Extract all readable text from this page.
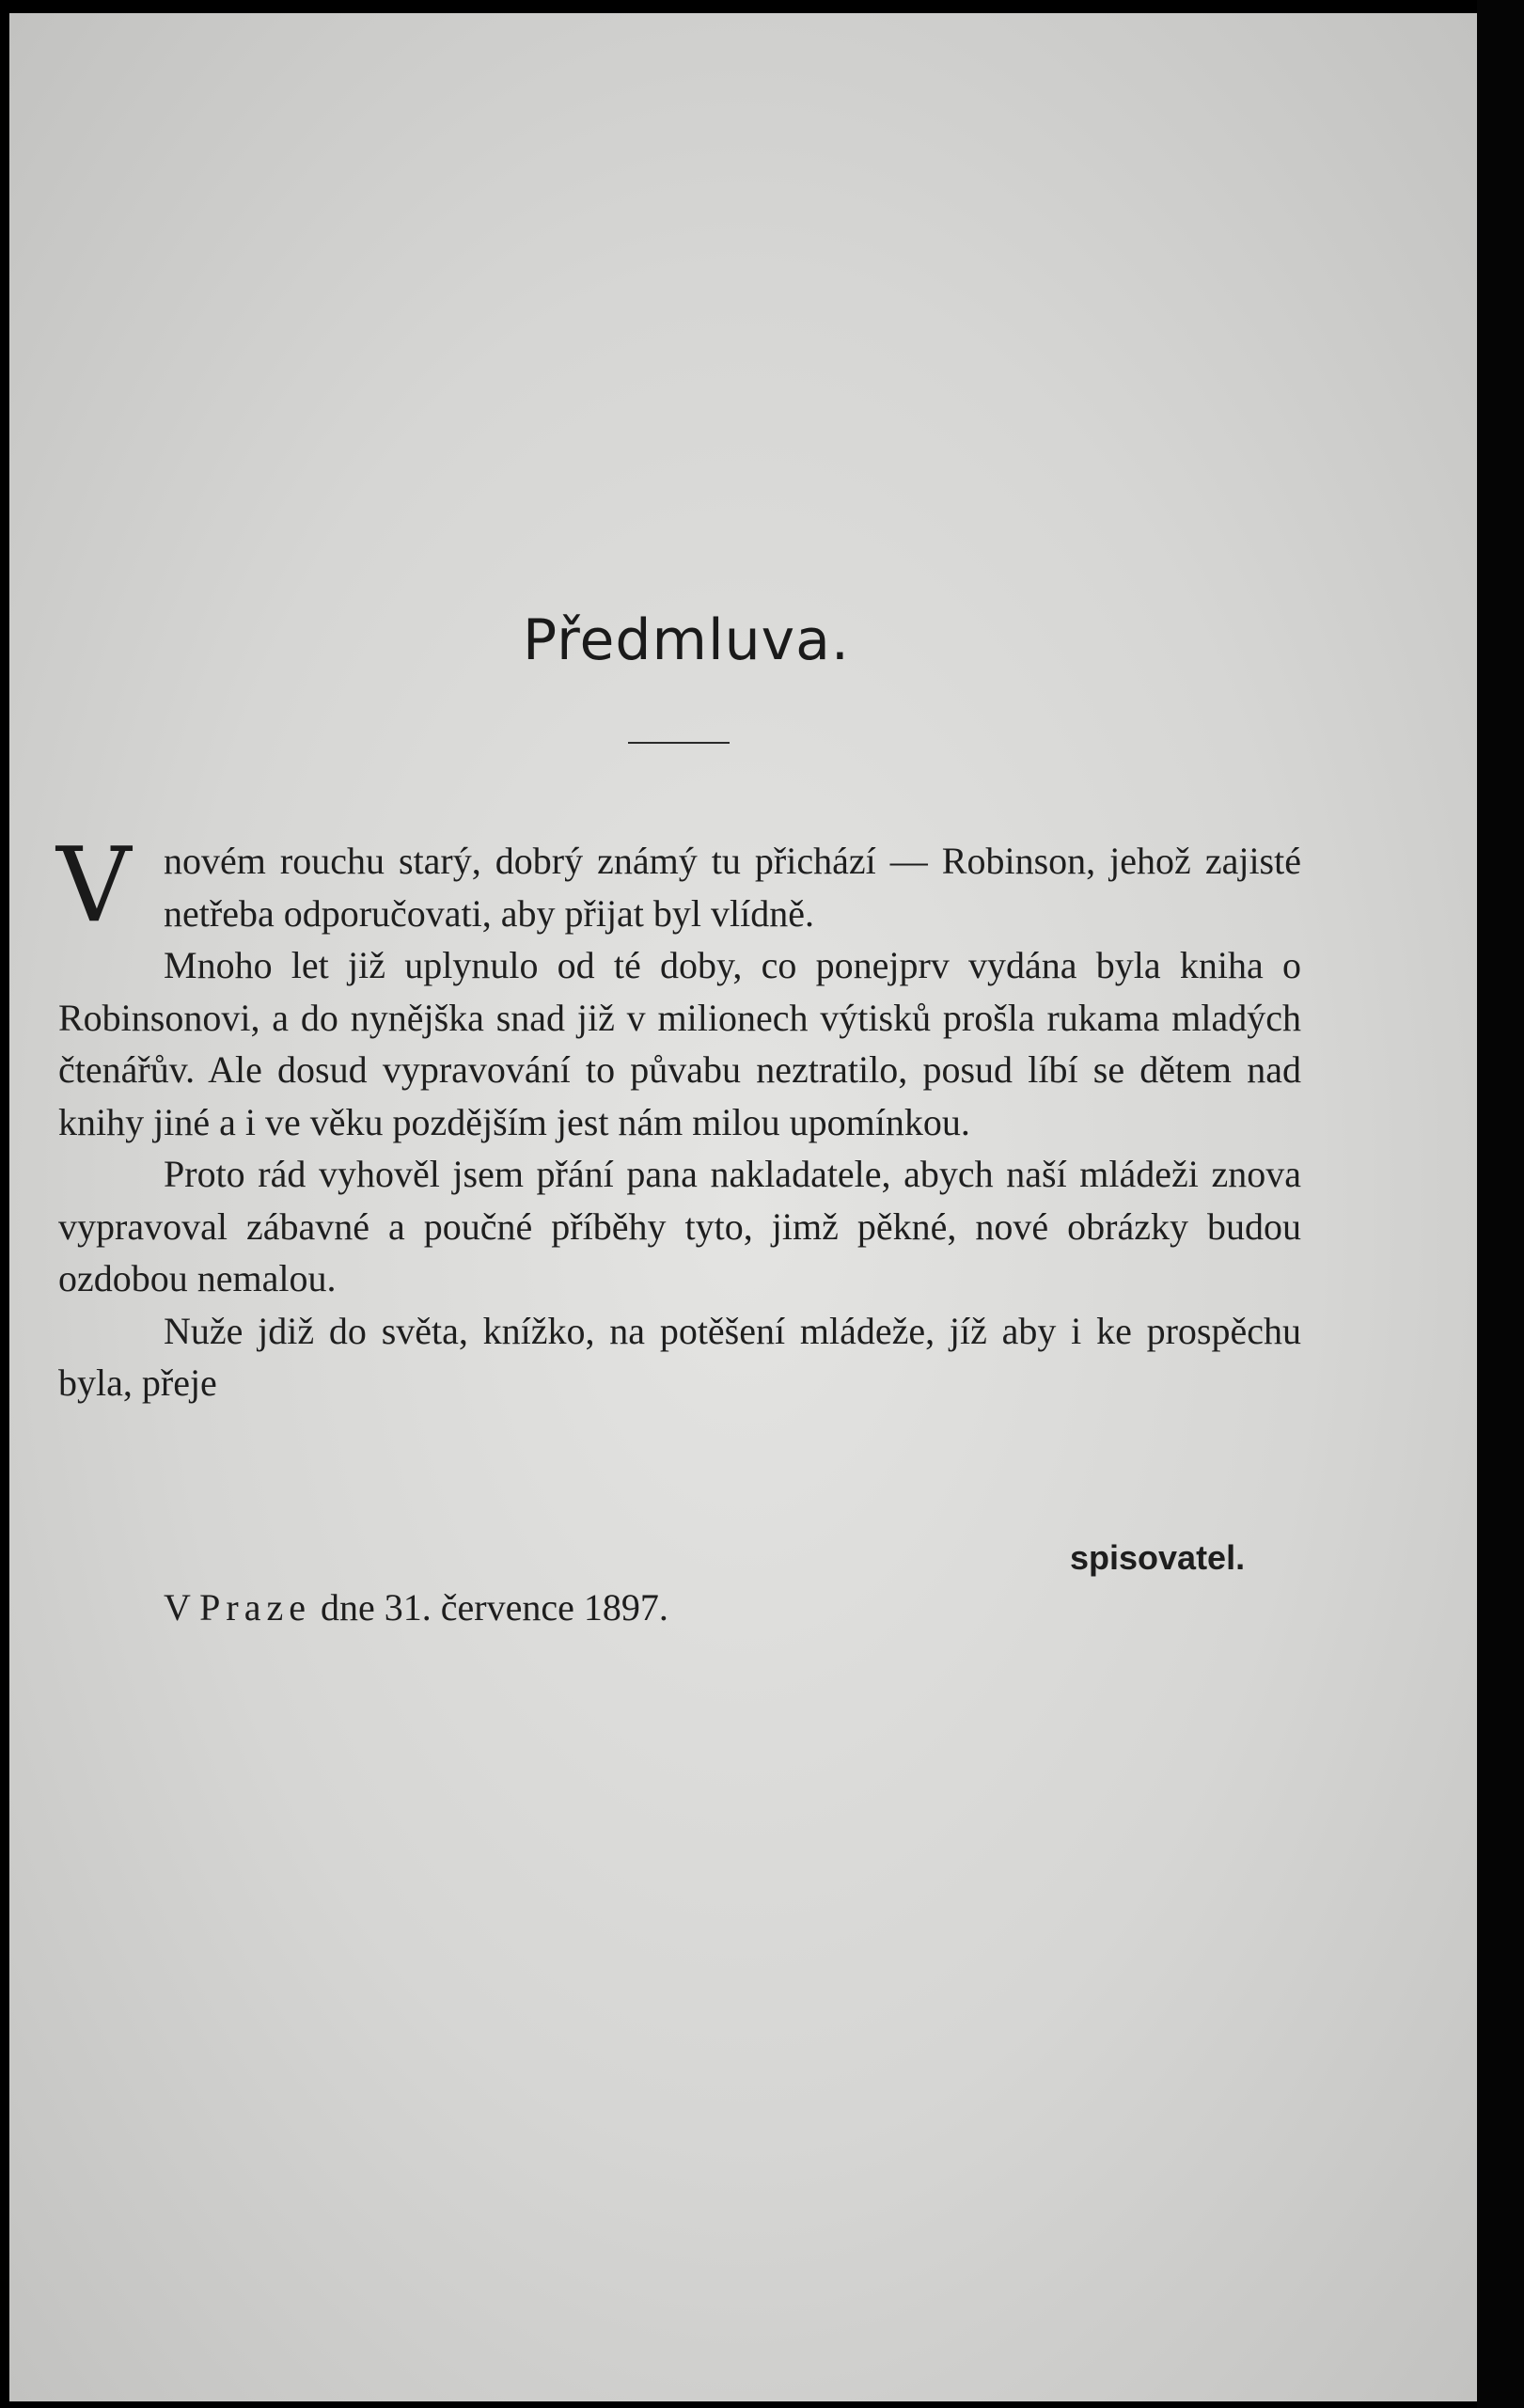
Předmluva.

V novém rouchu starý, dobrý známý tu přichází — Robinson, jehož zajisté netřeba odporučovati, aby přijat byl vlídně.

Mnoho let již uplynulo od té doby, co ponejprv vydána byla kniha o Robinsonovi, a do nynějška snad již v milionech výtisků prošla rukama mladých čtenářův. Ale dosud vypravování to půvabu neztratilo, posud líbí se dětem nad knihy jiné a i ve věku pozdějším jest nám milou upomínkou.

Proto rád vyhověl jsem přání pana nakladatele, abych naší mládeži znova vypravoval zábavné a poučné příběhy tyto, jimž pěkné, nové obrázky budou ozdobou nemalou.

Nuže jdiž do světa, knížko, na potěšení mládeže, jíž aby i ke prospěchu byla, přeje

spisovatel.
V Praze dne 31. července 1897.
